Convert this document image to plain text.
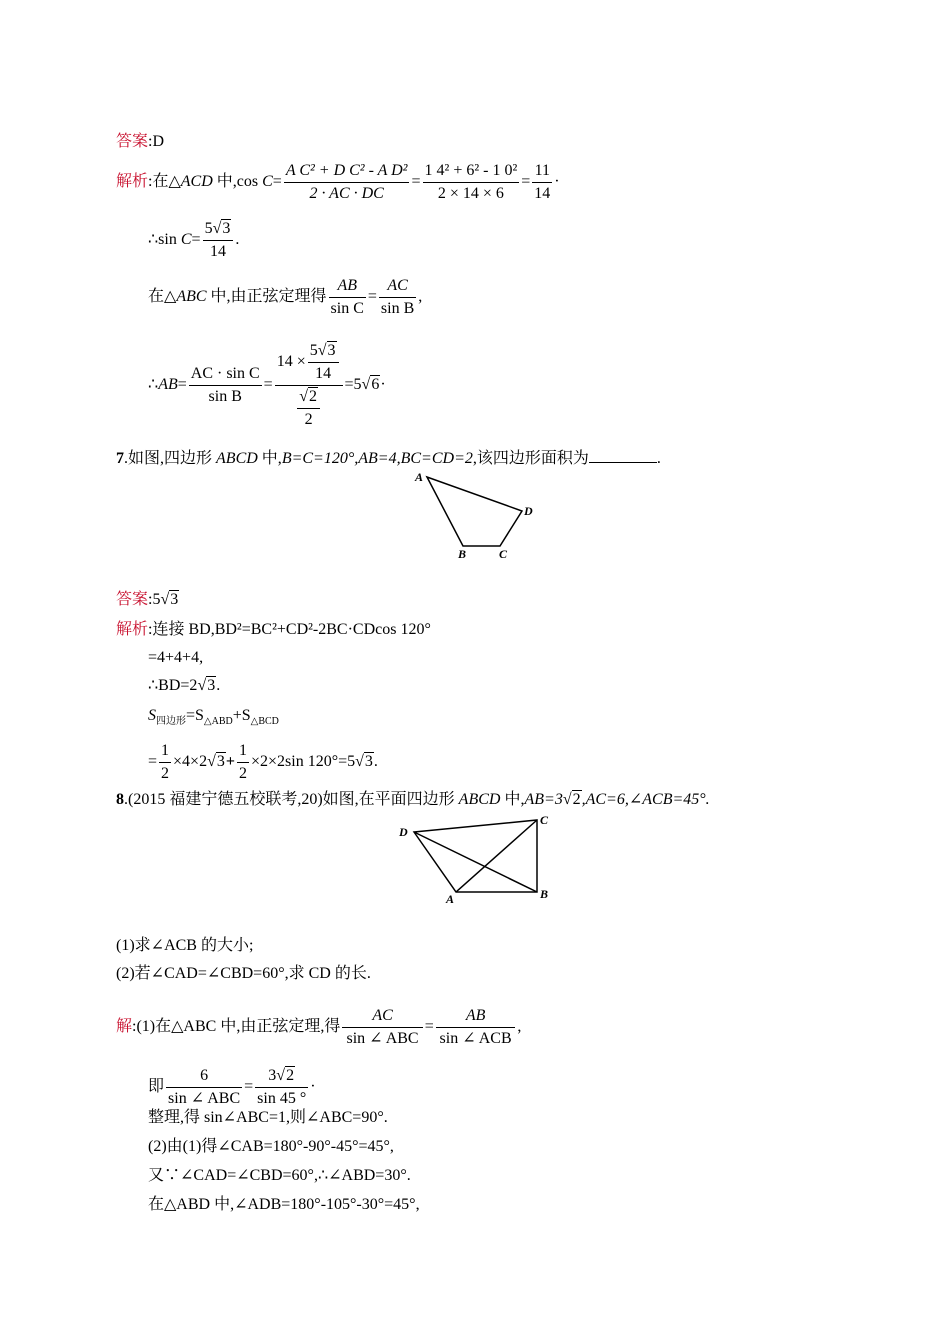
答案:D
解析:在△ACD 中,cos $C= \frac{\text{A C² + D C² - A D²}}{2 \cdot AC \cdot DC} = \frac{\text{1 4² + 6² - 1 0²}}{2 \times 14 \times 6} = \frac{11}{14}$ ·
∴sin $C= \frac{5√3}{14}$ .
在△ABC 中,由正弦定理得 $\frac{AB}{\text{sin C}} = \frac{AC}{\text{sin B}}$ ,
∴AB= $\frac{\text{AC · sin C}}{\text{sin B}} = \frac{14 \times \frac{5√3}{14}}{\frac{√2}{2}} =5√6\cdot$
7.如图,四边形 ABCD 中,B=C=120°,AB=4,BC=CD=2,该四边形面积为	.
A
B	C
D
答案:5√3
解析:连接 BD,BD²=BC²+CD²-2BC·CDcos 120°
=4+4+4,
∴BD=2√3.
$S_{四边形}=S_{\triangle ABD}+S_{\triangle BCD}$
= $\frac{1}{2} \times 4\times 2√3+ \frac{1}{2} \times 2\times 2\sin$ 120°=5√3.
8.(2015 福建宁德五校联考,20)如图,在平面四边形 ABCD 中,AB=3√2,AC=6,∠ACB=45°.
A	B
C
D
(1)求∠ACB 的大小;
(2)若∠CAD=∠CBD=60°,求 CD 的长.
解:(1)在△ABC 中,由正弦定理,得 $\frac{AC}{\text{sin ∠ ABC}} = \frac{AB}{\text{sin ∠ ACB}}$ ,
即 $\frac{6}{\text{sin ∠ ABC}} = \frac{3√2}{\sin 45 ^\circ}$ ·
整理,得 sin∠ABC=1,则∠ABC=90°.
(2)由(1)得∠CAB=180°-90°-45°=45°,
又∵∠CAD=∠CBD=60°,∴∠ABD=30°.
在△ABD 中,∠ADB=180°-105°-30°=45°,
